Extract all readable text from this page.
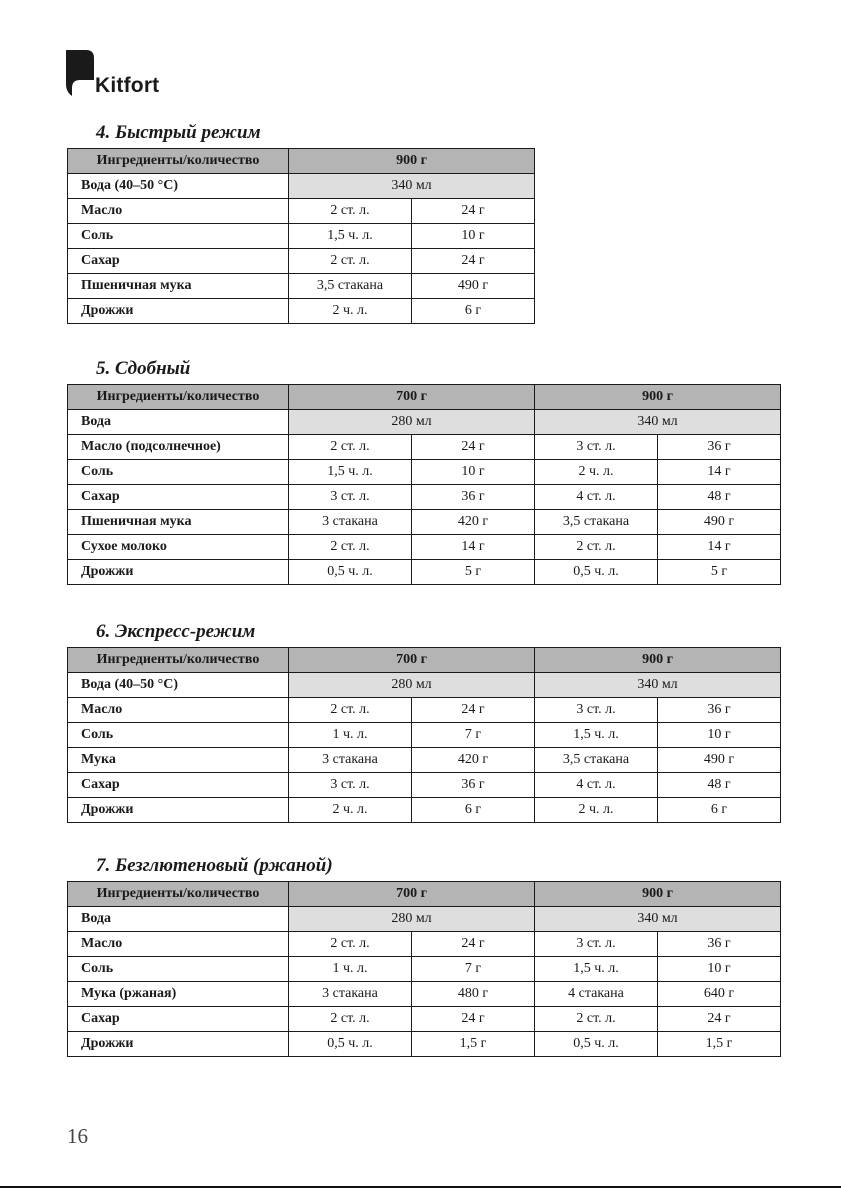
Kitfort
4. Быстрый режим
Ингредиенты/количество	900 г	
Вода (40–50 °C)	340 мл	
Масло	2 ст. л.	24 г
Соль	1,5 ч. л.	10 г
Сахар	2 ст. л.	24 г
Пшеничная мука	3,5 стакана	490 г
Дрожжи	2 ч. л.	6 г
5. Сдобный
Ингредиенты/количество	700 г		900 г	
Вода	280 мл		340 мл	
Масло (подсолнечное)	2 ст. л.	24 г	3 ст. л.	36 г
Соль	1,5 ч. л.	10 г	2 ч. л.	14 г
Сахар	3 ст. л.	36 г	4 ст. л.	48 г
Пшеничная мука	3 стакана	420 г	3,5 стакана	490 г
Сухое молоко	2 ст. л.	14 г	2 ст. л.	14 г
Дрожжи	0,5 ч. л.	5 г	0,5 ч. л.	5 г
6. Экспресс-режим
Ингредиенты/количество	700 г		900 г	
Вода (40–50 °C)	280 мл		340 мл	
Масло	2 ст. л.	24 г	3 ст. л.	36 г
Соль	1 ч. л.	7 г	1,5 ч. л.	10 г
Мука	3 стакана	420 г	3,5 стакана	490 г
Сахар	3 ст. л.	36 г	4 ст. л.	48 г
Дрожжи	2 ч. л.	6 г	2 ч. л.	6 г
7. Безглютеновый (ржаной)
Ингредиенты/количество	700 г		900 г	
Вода	280 мл		340 мл	
Масло	2 ст. л.	24 г	3 ст. л.	36 г
Соль	1 ч. л.	7 г	1,5 ч. л.	10 г
Мука (ржаная)	3 стакана	480 г	4 стакана	640 г
Сахар	2 ст. л.	24 г	2 ст. л.	24 г
Дрожжи	0,5 ч. л.	1,5 г	0,5 ч. л.	1,5 г
16
